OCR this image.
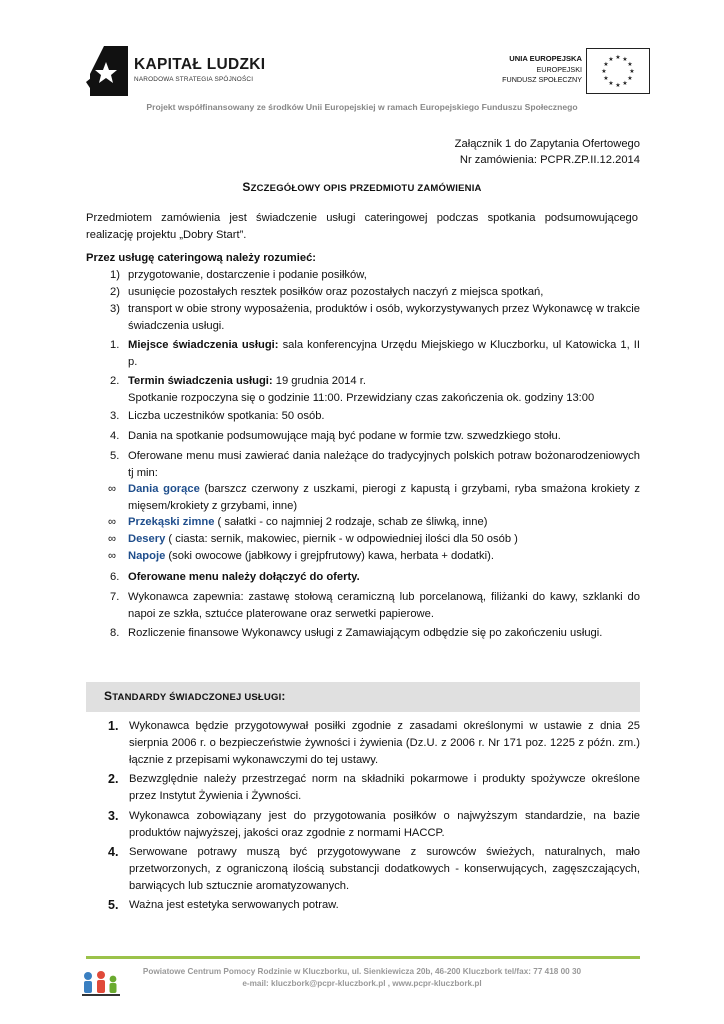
KAPITAŁ LUDZKI
NARODOWA STRATEGIA SPÓJNOŚCI
UNIA EUROPEJSKA
EUROPEJSKI
FUNDUSZ SPOŁECZNY
★ ★
★
★
★
★
★
★
★
★
★
★
Projekt współfinansowany ze środków Unii Europejskiej w ramach Europejskiego Funduszu Społecznego
Załącznik 1 do Zapytania Ofertowego
Nr zamówienia: PCPR.ZP.II.12.2014
SZCZEGÓŁOWY OPIS PRZEDMIOTU ZAMÓWIENIA
Przedmiotem zamówienia jest świadczenie usługi cateringowej podczas spotkania podsumowującego realizację projektu „Dobry Start”.
Przez usługę cateringową należy rozumieć:
1) przygotowanie, dostarczenie i podanie posiłków,
2) usunięcie pozostałych resztek posiłków oraz pozostałych naczyń z miejsca spotkań,
3) transport w obie strony wyposażenia, produktów i osób, wykorzystywanych przez Wykonawcę w trakcie świadczenia usługi.
1. Miejsce świadczenia usługi: sala konferencyjna Urzędu Miejskiego w Kluczborku, ul Katowicka 1, II p.
2. Termin świadczenia usługi: 19 grudnia 2014 r.
Spotkanie rozpoczyna się o godzinie 11:00. Przewidziany czas zakończenia ok. godziny 13:00
3. Liczba uczestników spotkania: 50 osób.
4. Dania na spotkanie podsumowujące mają być podane w formie tzw. szwedzkiego stołu.
5. Oferowane menu musi zawierać dania należące do tradycyjnych polskich potraw bożonarodzeniowych tj min:
∞ Dania gorące (barszcz czerwony z uszkami, pierogi z kapustą i grzybami, ryba smażona krokiety z mięsem/krokiety z grzybami, inne)
∞ Przekąski zimne ( sałatki - co najmniej 2 rodzaje, schab ze śliwką, inne)
∞ Desery ( ciasta: sernik, makowiec, piernik - w odpowiedniej ilości dla 50 osób )
∞ Napoje (soki owocowe (jabłkowy i grejpfrutowy) kawa, herbata + dodatki).
6. Oferowane menu należy dołączyć do oferty.
7. Wykonawca zapewnia: zastawę stołową ceramiczną lub porcelanową, filiżanki do kawy, szklanki do napoi ze szkła, sztućce platerowane oraz serwetki papierowe.
8. Rozliczenie finansowe Wykonawcy usługi z Zamawiającym odbędzie się po zakończeniu usługi.
STANDARDY ŚWIADCZONEJ USŁUGI:
1. Wykonawca będzie przygotowywał posiłki zgodnie z zasadami określonymi w ustawie z dnia 25 sierpnia 2006 r. o bezpieczeństwie żywności i żywienia (Dz.U. z 2006 r. Nr 171 poz. 1225 z późn. zm.) łącznie z przepisami wykonawczymi do tej ustawy.
2. Bezwzględnie należy przestrzegać norm na składniki pokarmowe i produkty spożywcze określone przez Instytut Żywienia i Żywności.
3. Wykonawca zobowiązany jest do przygotowania posiłków o najwyższym standardzie, na bazie produktów najwyższej, jakości oraz zgodnie z normami HACCP.
4. Serwowane potrawy muszą być przygotowywane z surowców świeżych, naturalnych, mało przetworzonych, z ograniczoną ilością substancji dodatkowych - konserwujących, zagęszczających, barwiących lub sztucznie aromatyzowanych.
5. Ważna jest estetyka serwowanych potraw.
Powiatowe Centrum Pomocy Rodzinie w Kluczborku, ul. Sienkiewicza 20b, 46-200 Kluczbork tel/fax: 77 418 00 30
e-mail: kluczbork@pcpr-kluczbork.pl , www.pcpr-kluczbork.pl
